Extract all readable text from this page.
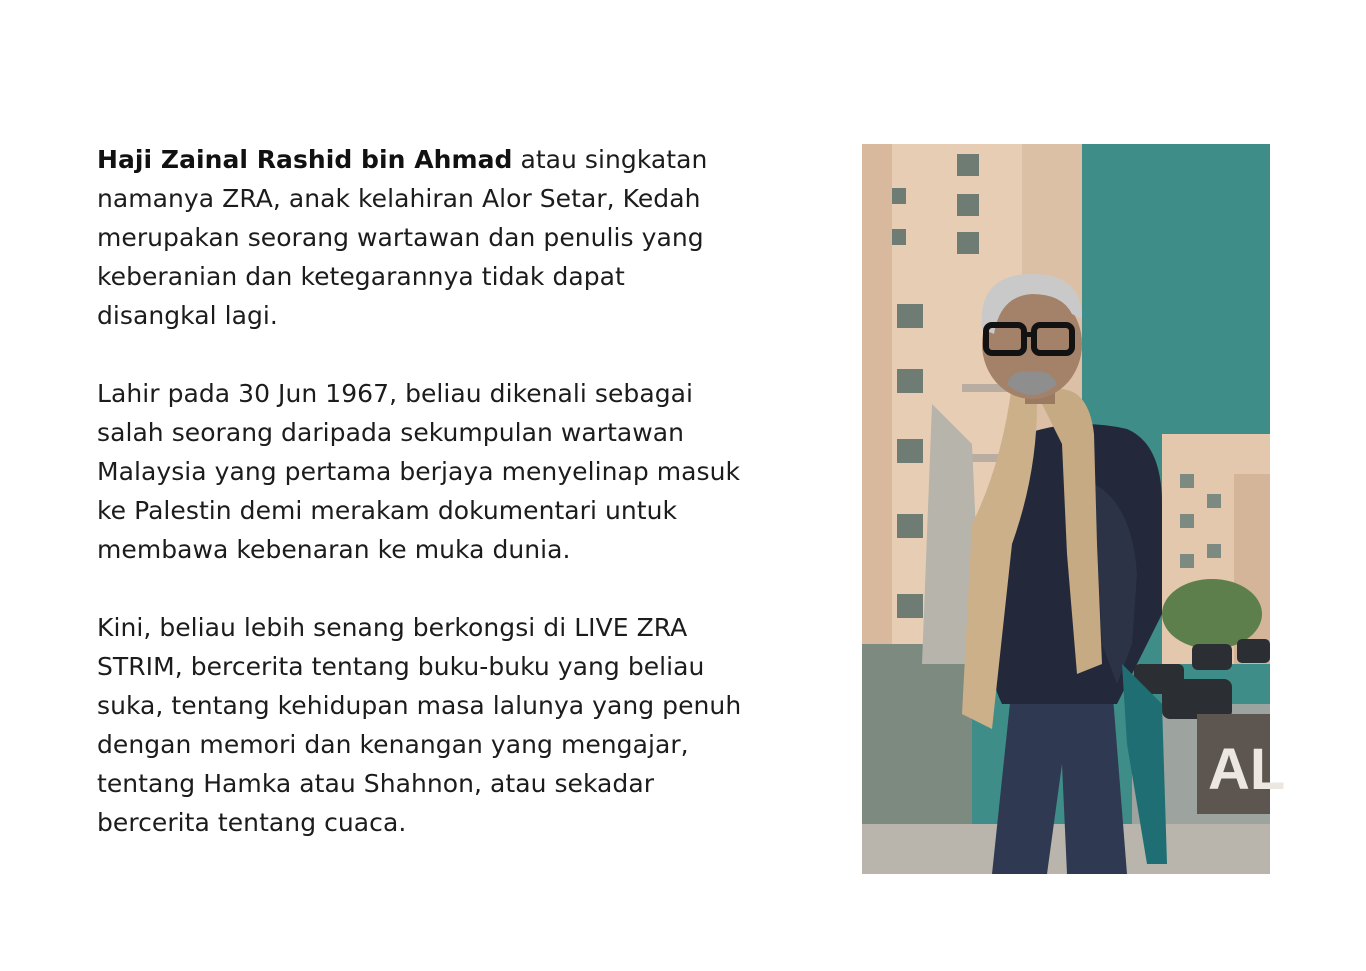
Haji Zainal Rashid bin Ahmad atau singkatan
namanya ZRA, anak kelahiran Alor Setar, Kedah
merupakan seorang wartawan dan penulis yang
keberanian dan ketegarannya tidak dapat
disangkal lagi.

Lahir pada 30 Jun 1967, beliau dikenali sebagai
salah seorang daripada sekumpulan wartawan
Malaysia yang pertama berjaya menyelinap masuk
ke Palestin demi merakam dokumentari untuk
membawa kebenaran ke muka dunia.

Kini, beliau lebih senang berkongsi di LIVE ZRA
STRIM, bercerita tentang buku-buku yang beliau
suka, tentang kehidupan masa lalunya yang penuh
dengan memori dan kenangan yang mengajar,
tentang Hamka atau Shahnon, atau sekadar
bercerita tentang cuaca.

AL
